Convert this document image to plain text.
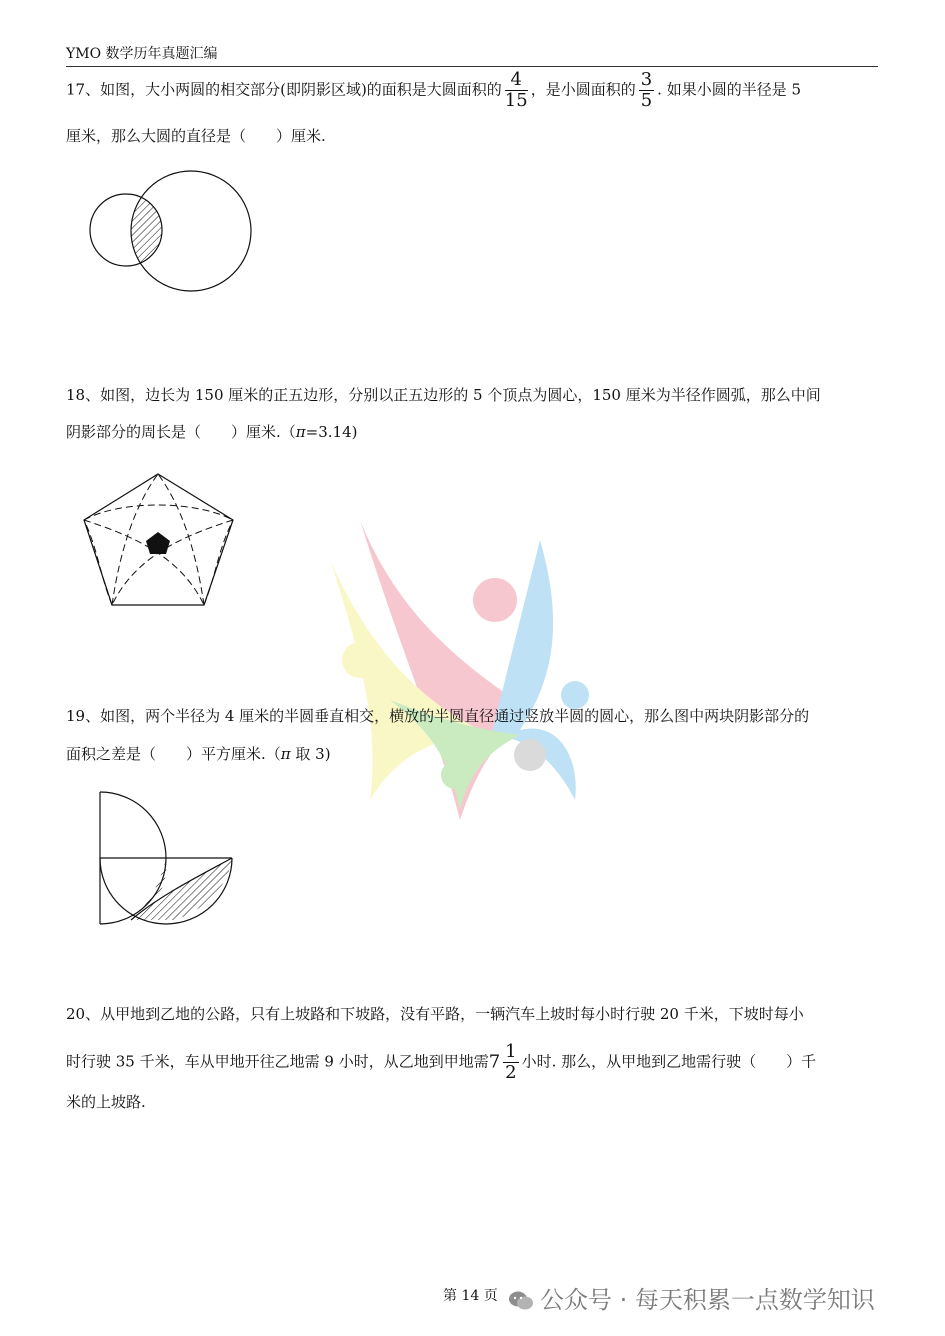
YMO 数学历年真题汇编
17、如图，大小两圆的相交部分(即阴影区域)的面积是大圆面积的 $\frac{4}{15}$ ，是小圆面积的 $\frac{3}{5}$ . 如果小圆的半径是 5
厘米，那么大圆的直径是（　　）厘米.
18、如图，边长为 150 厘米的正五边形，分别以正五边形的 5 个顶点为圆心，150 厘米为半径作圆弧，那么中间
阴影部分的周长是（　　）厘米.（π=3.14)
19、如图，两个半径为 4 厘米的半圆垂直相交，横放的半圆直径通过竖放半圆的圆心，那么图中两块阴影部分的
面积之差是（　　）平方厘米.（π 取 3)
20、从甲地到乙地的公路，只有上坡路和下坡路，没有平路，一辆汽车上坡时每小时行驶 20 千米，下坡时每小
时行驶 35 千米，车从甲地开往乙地需 9 小时，从乙地到甲地需$7 \frac{1}{2}$ 小时. 那么，从甲地到乙地需行驶（　　）千
米的上坡路.
第 14 页	公众号 · 每天积累一点数学知识
